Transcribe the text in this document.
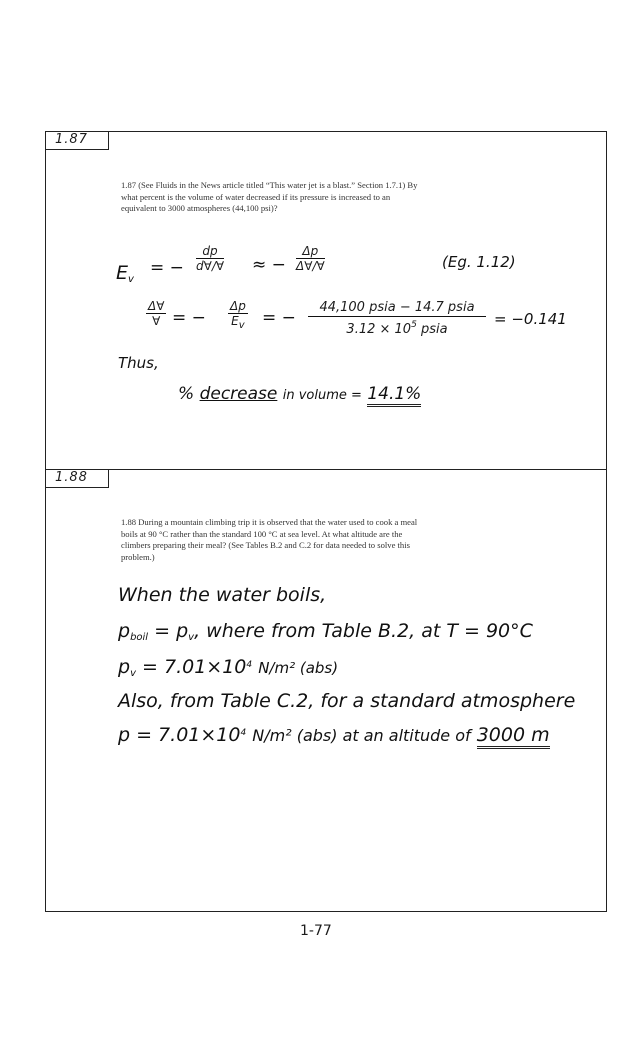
1.87
1.87 (See Fluids in the News article titled “This water jet is a blast.” Section 1.7.1) By what percent is the volume of water decreased if its pressure is increased to an equivalent to 3000 atmospheres (44,100 psi)?
$E_v$
= − $\frac{dp}{d\forall/\forall}$ ≈ − $\frac{\Delta p}{\Delta\forall/\forall}$	(Eg. 1.12)
Δ∀
∀ = − $\frac{\Delta p}{E_v}$ = −
44,100 psia − 14.7 psia
$3.12 \times 10^5$ psia
= −0.141
Thus,
% decrease in volume = 14.1%
1.88
1.88 During a mountain climbing trip it is observed that the water used to cook a meal boils at 90 °C rather than the standard 100 °C at sea level. At what altitude are the climbers preparing their meal? (See Tables B.2 and C.2 for data needed to solve this problem.)
When the water boils,
$p_{boil} = p_v$, where from Table B.2, at T = 90°C
$p_v = 7.01\times 10^4$ N/m² (abs)
Also, from Table C.2, for a standard atmosphere
$p = 7.01\times 10^4$ N/m² (abs) at an altitude of 3000 m
1-77
